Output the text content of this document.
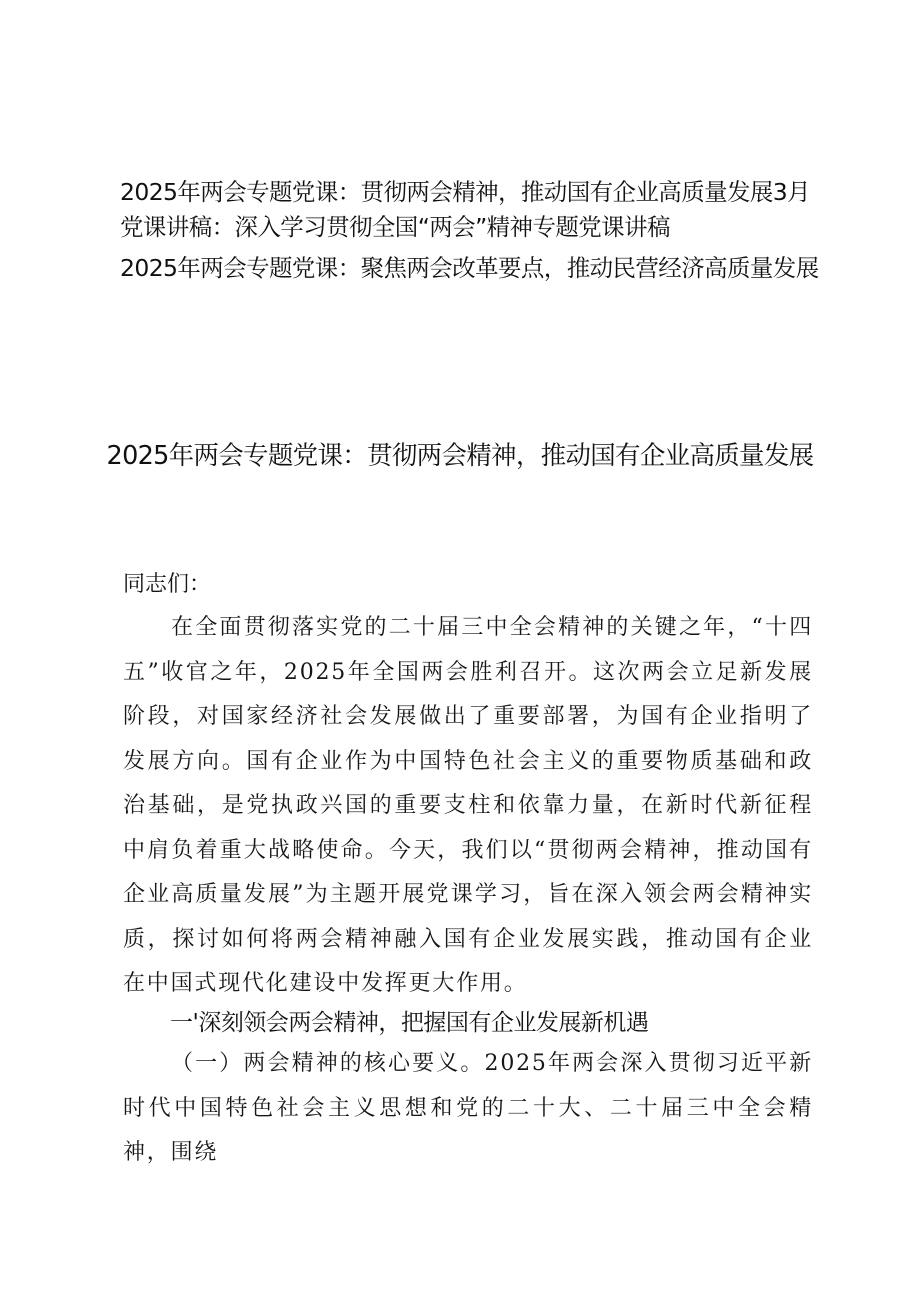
2025年两会专题党课：贯彻两会精神，推动国有企业高质量发展3月党课讲稿：深入学习贯彻全国“两会”精神专题党课讲稿

2025年两会专题党课：聚焦两会改革要点，推动民营经济高质量发展

2025年两会专题党课：贯彻两会精神，推动国有企业高质量发展

同志们：

在全面贯彻落实党的二十届三中全会精神的关键之年，“十四五”收官之年，2025年全国两会胜利召开。这次两会立足新发展阶段，对国家经济社会发展做出了重要部署，为国有企业指明了发展方向。国有企业作为中国特色社会主义的重要物质基础和政治基础，是党执政兴国的重要支柱和依靠力量，在新时代新征程中肩负着重大战略使命。今天，我们以“贯彻两会精神，推动国有企业高质量发展”为主题开展党课学习，旨在深入领会两会精神实质，探讨如何将两会精神融入国有企业发展实践，推动国有企业在中国式现代化建设中发挥更大作用。

一'深刻领会两会精神，把握国有企业发展新机遇

（一）两会精神的核心要义。2025年两会深入贯彻习近平新时代中国特色社会主义思想和党的二十大、二十届三中全会精神，围绕
